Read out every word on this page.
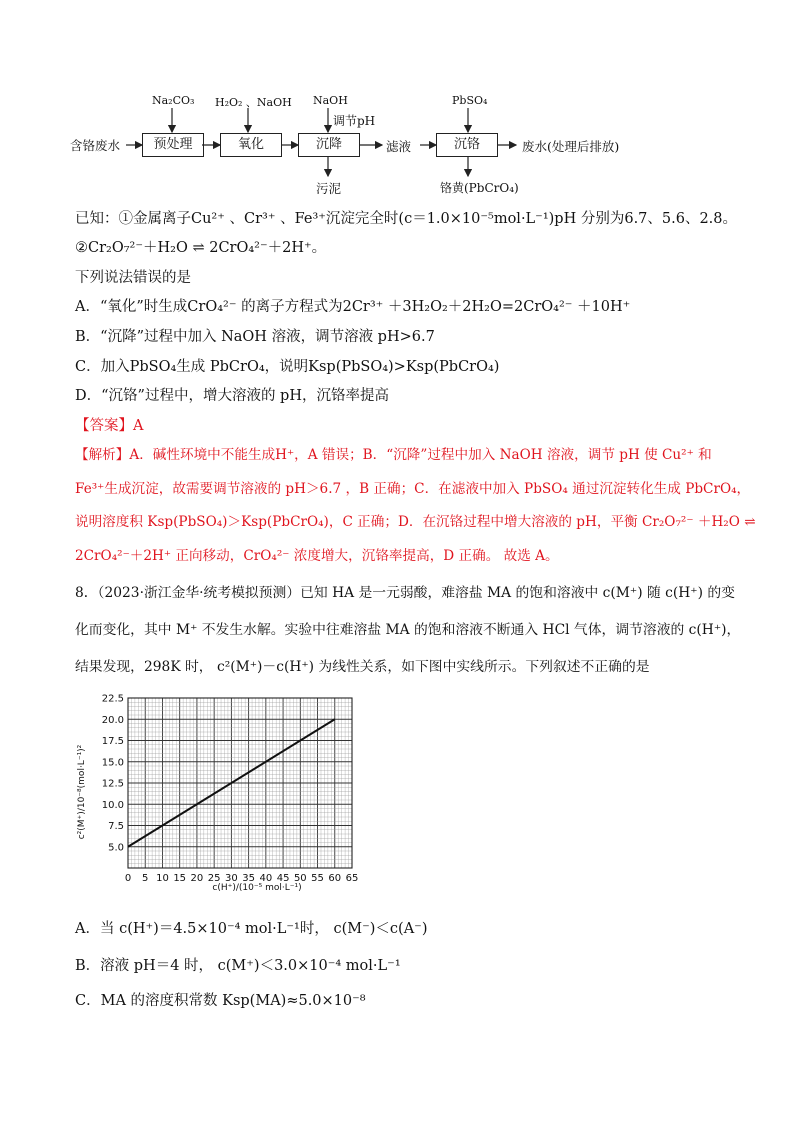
含铬废水	预处理	氧化	沉降	沉铬
Na₂CO₃ H₂O₂ 、NaOH NaOH
调节pH
PbSO₄
滤液
污泥	铬黄(PbCrO₄)
废水(处理后排放)
已知：①金属离子Cu²⁺ 、Cr³⁺ 、Fe³⁺沉淀完全时(c＝1.0×10⁻⁵mol·L⁻¹)pH 分别为6.7、5.6、2.8。
②Cr₂O₇²⁻＋H₂O ⇌ 2CrO₄²⁻＋2H⁺。
下列说法错误的是
A．“氧化”时生成CrO₄²⁻ 的离子方程式为2Cr³⁺ ＋3H₂O₂＋2H₂O=2CrO₄²⁻ ＋10H⁺
B．“沉降”过程中加入 NaOH 溶液，调节溶液 pH>6.7
C．加入PbSO₄生成 PbCrO₄，说明Ksp(PbSO₄)>Ksp(PbCrO₄)
D．“沉铬”过程中，增大溶液的 pH，沉铬率提高
【答案】A
【解析】A．碱性环境中不能生成H⁺，A 错误；B．“沉降”过程中加入 NaOH 溶液，调节 pH 使 Cu²⁺ 和
Fe³⁺生成沉淀，故需要调节溶液的 pH＞6.7 ，B 正确；C．在滤液中加入 PbSO₄ 通过沉淀转化生成 PbCrO₄，
说明溶度积 Ksp(PbSO₄)＞Ksp(PbCrO₄)，C 正确；D．在沉铬过程中增大溶液的 pH，平衡 Cr₂O₇²⁻ ＋H₂O ⇌
2CrO₄²⁻＋2H⁺ 正向移动，CrO₄²⁻ 浓度增大，沉铬率提高，D 正确。 故选 A。
8．（2023·浙江金华·统考模拟预测）已知 HA 是一元弱酸，难溶盐 MA 的饱和溶液中 c(M⁺) 随 c(H⁺) 的变
化而变化，其中 M⁺ 不发生水解。实验中往难溶盐 MA 的饱和溶液不断通入 HCl 气体，调节溶液的 c(H⁺)，
结果发现，298K 时， c²(M⁺)－c(H⁺) 为线性关系，如下图中实线所示。下列叙述不正确的是
0 5 10 15 20 25 30 35 40 45 50 55 60 65
5.0
7.5
10.0
12.5
15.0
17.5
20.0
22.5
c(H⁺)/(10⁻⁵ mol·L⁻¹)
c²(M⁺)/10⁻⁸(mol·L⁻¹)²
A．当 c(H⁺)＝4.5×10⁻⁴ mol·L⁻¹时， c(M⁻)＜c(A⁻)
B．溶液 pH＝4 时， c(M⁺)＜3.0×10⁻⁴ mol·L⁻¹
C．MA 的溶度积常数 Ksp(MA)≈5.0×10⁻⁸
